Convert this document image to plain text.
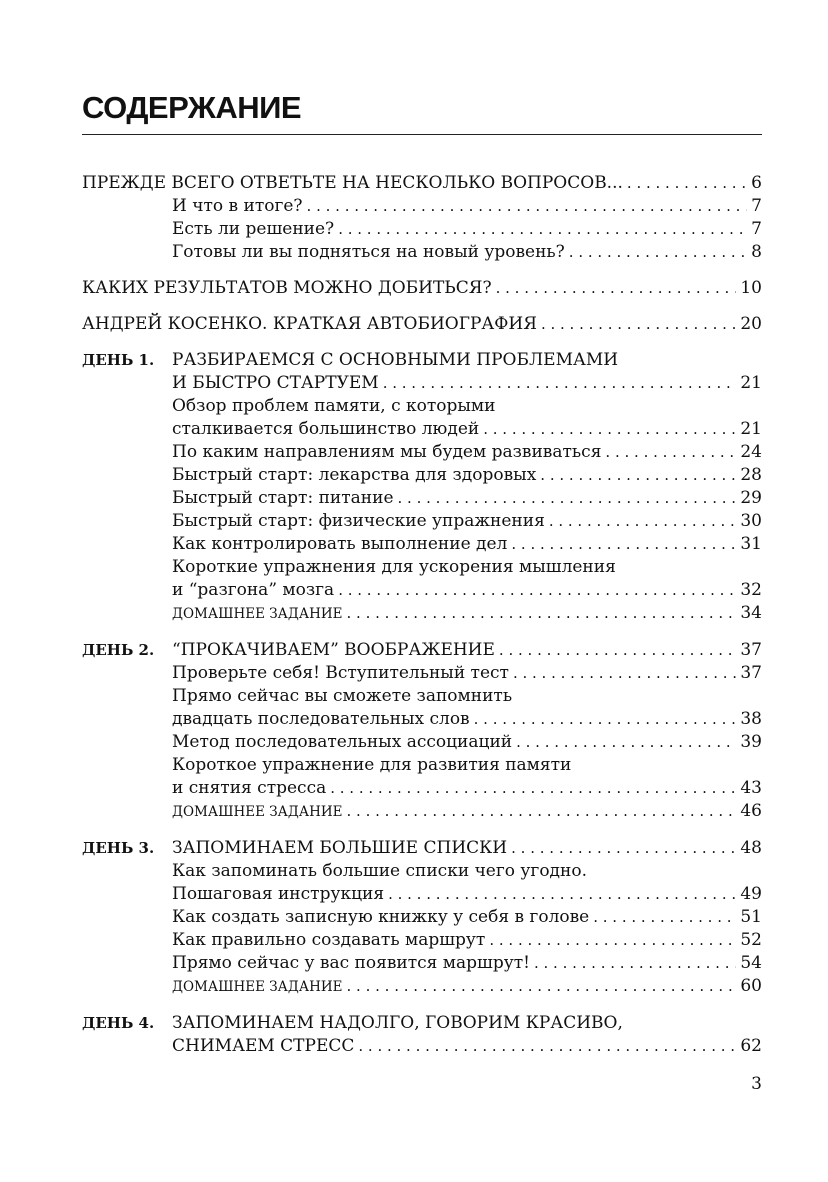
СОДЕРЖАНИЕ
ПРЕЖДЕ ВСЕГО ОТВЕТЬТЕ НА НЕСКОЛЬКО ВОПРОСОВ... . . .	6
И что в итоге? . . .	7
Есть ли решение? . . .	7
Готовы ли вы подняться на новый уровень? . . .	8
КАКИХ РЕЗУЛЬТАТОВ МОЖНО ДОБИТЬСЯ? . . .	10
АНДРЕЙ КОСЕНКО. КРАТКАЯ АВТОБИОГРАФИЯ . . .	20
ДЕНЬ 1. РАЗБИРАЕМСЯ С ОСНОВНЫМИ ПРОБЛЕМАМИ
И БЫСТРО СТАРТУЕМ . . .	21
Обзор проблем памяти, с которыми
сталкивается большинство людей . . .	21
По каким направлениям мы будем развиваться . . .	24
Быстрый старт: лекарства для здоровых . . .	28
Быстрый старт: питание . . .	29
Быстрый старт: физические упражнения . . .	30
Как контролировать выполнение дел . . .	31
Короткие упражнения для ускорения мышления
и “разгона” мозга . . .	32
ДОМАШНЕЕ ЗАДАНИЕ . . .	34
ДЕНЬ 2. “ПРОКАЧИВАЕМ” ВООБРАЖЕНИЕ . . .	37
Проверьте себя! Вступительный тест . . .	37
Прямо сейчас вы сможете запомнить
двадцать последовательных слов . . .	38
Метод последовательных ассоциаций . . .	39
Короткое упражнение для развития памяти
и снятия стресса . . .	43
ДОМАШНЕЕ ЗАДАНИЕ . . .	46
ДЕНЬ 3. ЗАПОМИНАЕМ БОЛЬШИЕ СПИСКИ . . .	48
Как запоминать большие списки чего угодно.
Пошаговая инструкция . . .	49
Как создать записную книжку у себя в голове . . .	51
Как правильно создавать маршрут . . .	52
Прямо сейчас у вас появится маршрут! . . .	54
ДОМАШНЕЕ ЗАДАНИЕ . . .	60
ДЕНЬ 4. ЗАПОМИНАЕМ НАДОЛГО, ГОВОРИМ КРАСИВО,
СНИМАЕМ СТРЕСС . . .	62
3
